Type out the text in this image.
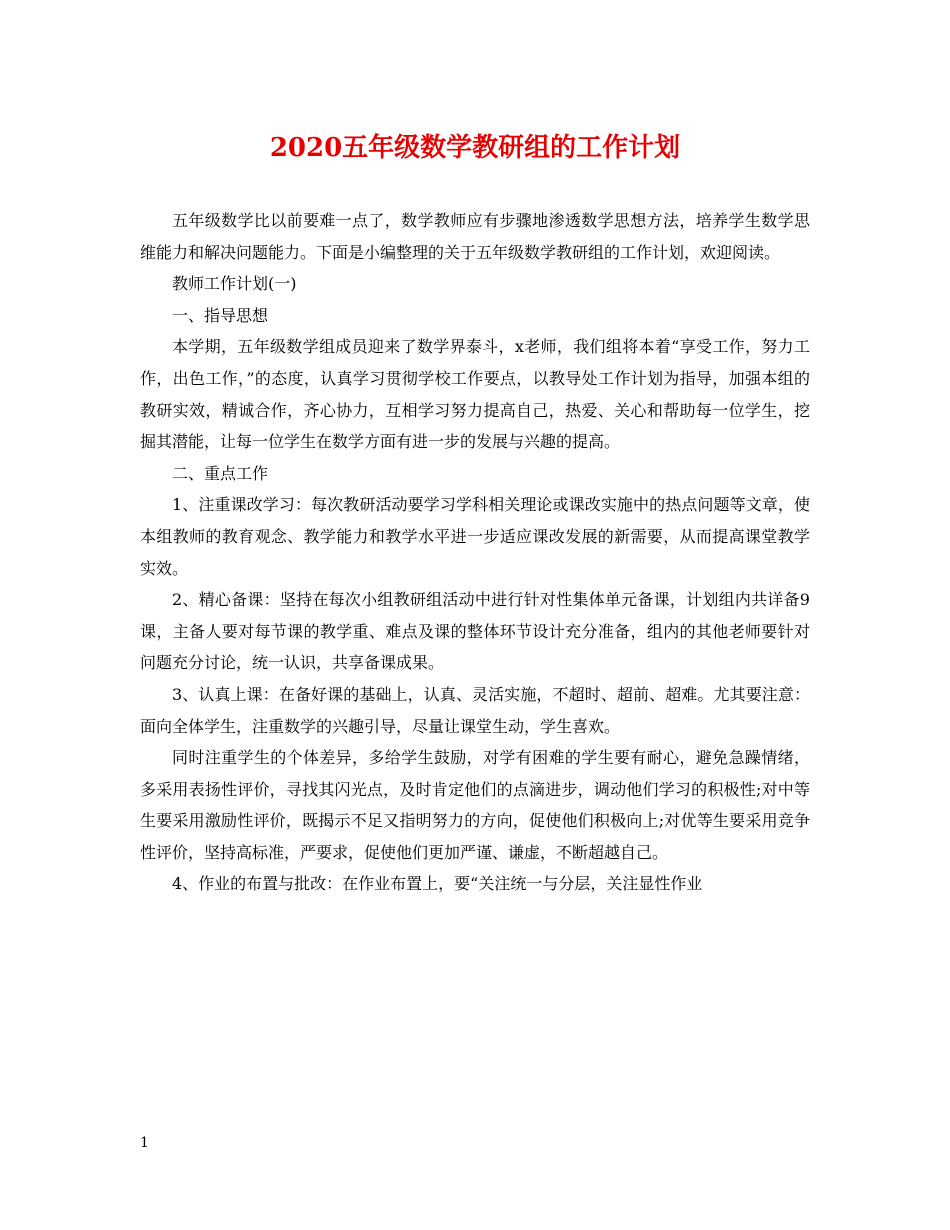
2020五年级数学教研组的工作计划

五年级数学比以前要难一点了，数学教师应有步骤地渗透数学思想方法，培养学生数学思维能力和解决问题能力。下面是小编整理的关于五年级数学教研组的工作计划，欢迎阅读。

教师工作计划(一)

一、指导思想

本学期，五年级数学组成员迎来了数学界泰斗，x老师，我们组将本着“享受工作，努力工作，出色工作，”的态度，认真学习贯彻学校工作要点，以教导处工作计划为指导，加强本组的教研实效，精诚合作，齐心协力，互相学习努力提高自己，热爱、关心和帮助每一位学生，挖掘其潜能，让每一位学生在数学方面有进一步的发展与兴趣的提高。

二、重点工作

1、注重课改学习：每次教研活动要学习学科相关理论或课改实施中的热点问题等文章，使本组教师的教育观念、教学能力和教学水平进一步适应课改发展的新需要，从而提高课堂教学实效。

2、精心备课：坚持在每次小组教研组活动中进行针对性集体单元备课，计划组内共详备9课，主备人要对每节课的教学重、难点及课的整体环节设计充分准备，组内的其他老师要针对问题充分讨论，统一认识，共享备课成果。

3、认真上课：在备好课的基础上，认真、灵活实施，不超时、超前、超难。尤其要注意： 面向全体学生，注重数学的兴趣引导，尽量让课堂生动，学生喜欢。

同时注重学生的个体差异，多给学生鼓励，对学有困难的学生要有耐心，避免急躁情绪，多采用表扬性评价，寻找其闪光点，及时肯定他们的点滴进步，调动他们学习的积极性;对中等生要采用激励性评价，既揭示不足又指明努力的方向，促使他们积极向上;对优等生要采用竞争性评价，坚持高标准，严要求，促使他们更加严谨、谦虚，不断超越自己。

4、作业的布置与批改：在作业布置上，要“关注统一与分层，关注显性作业

1
